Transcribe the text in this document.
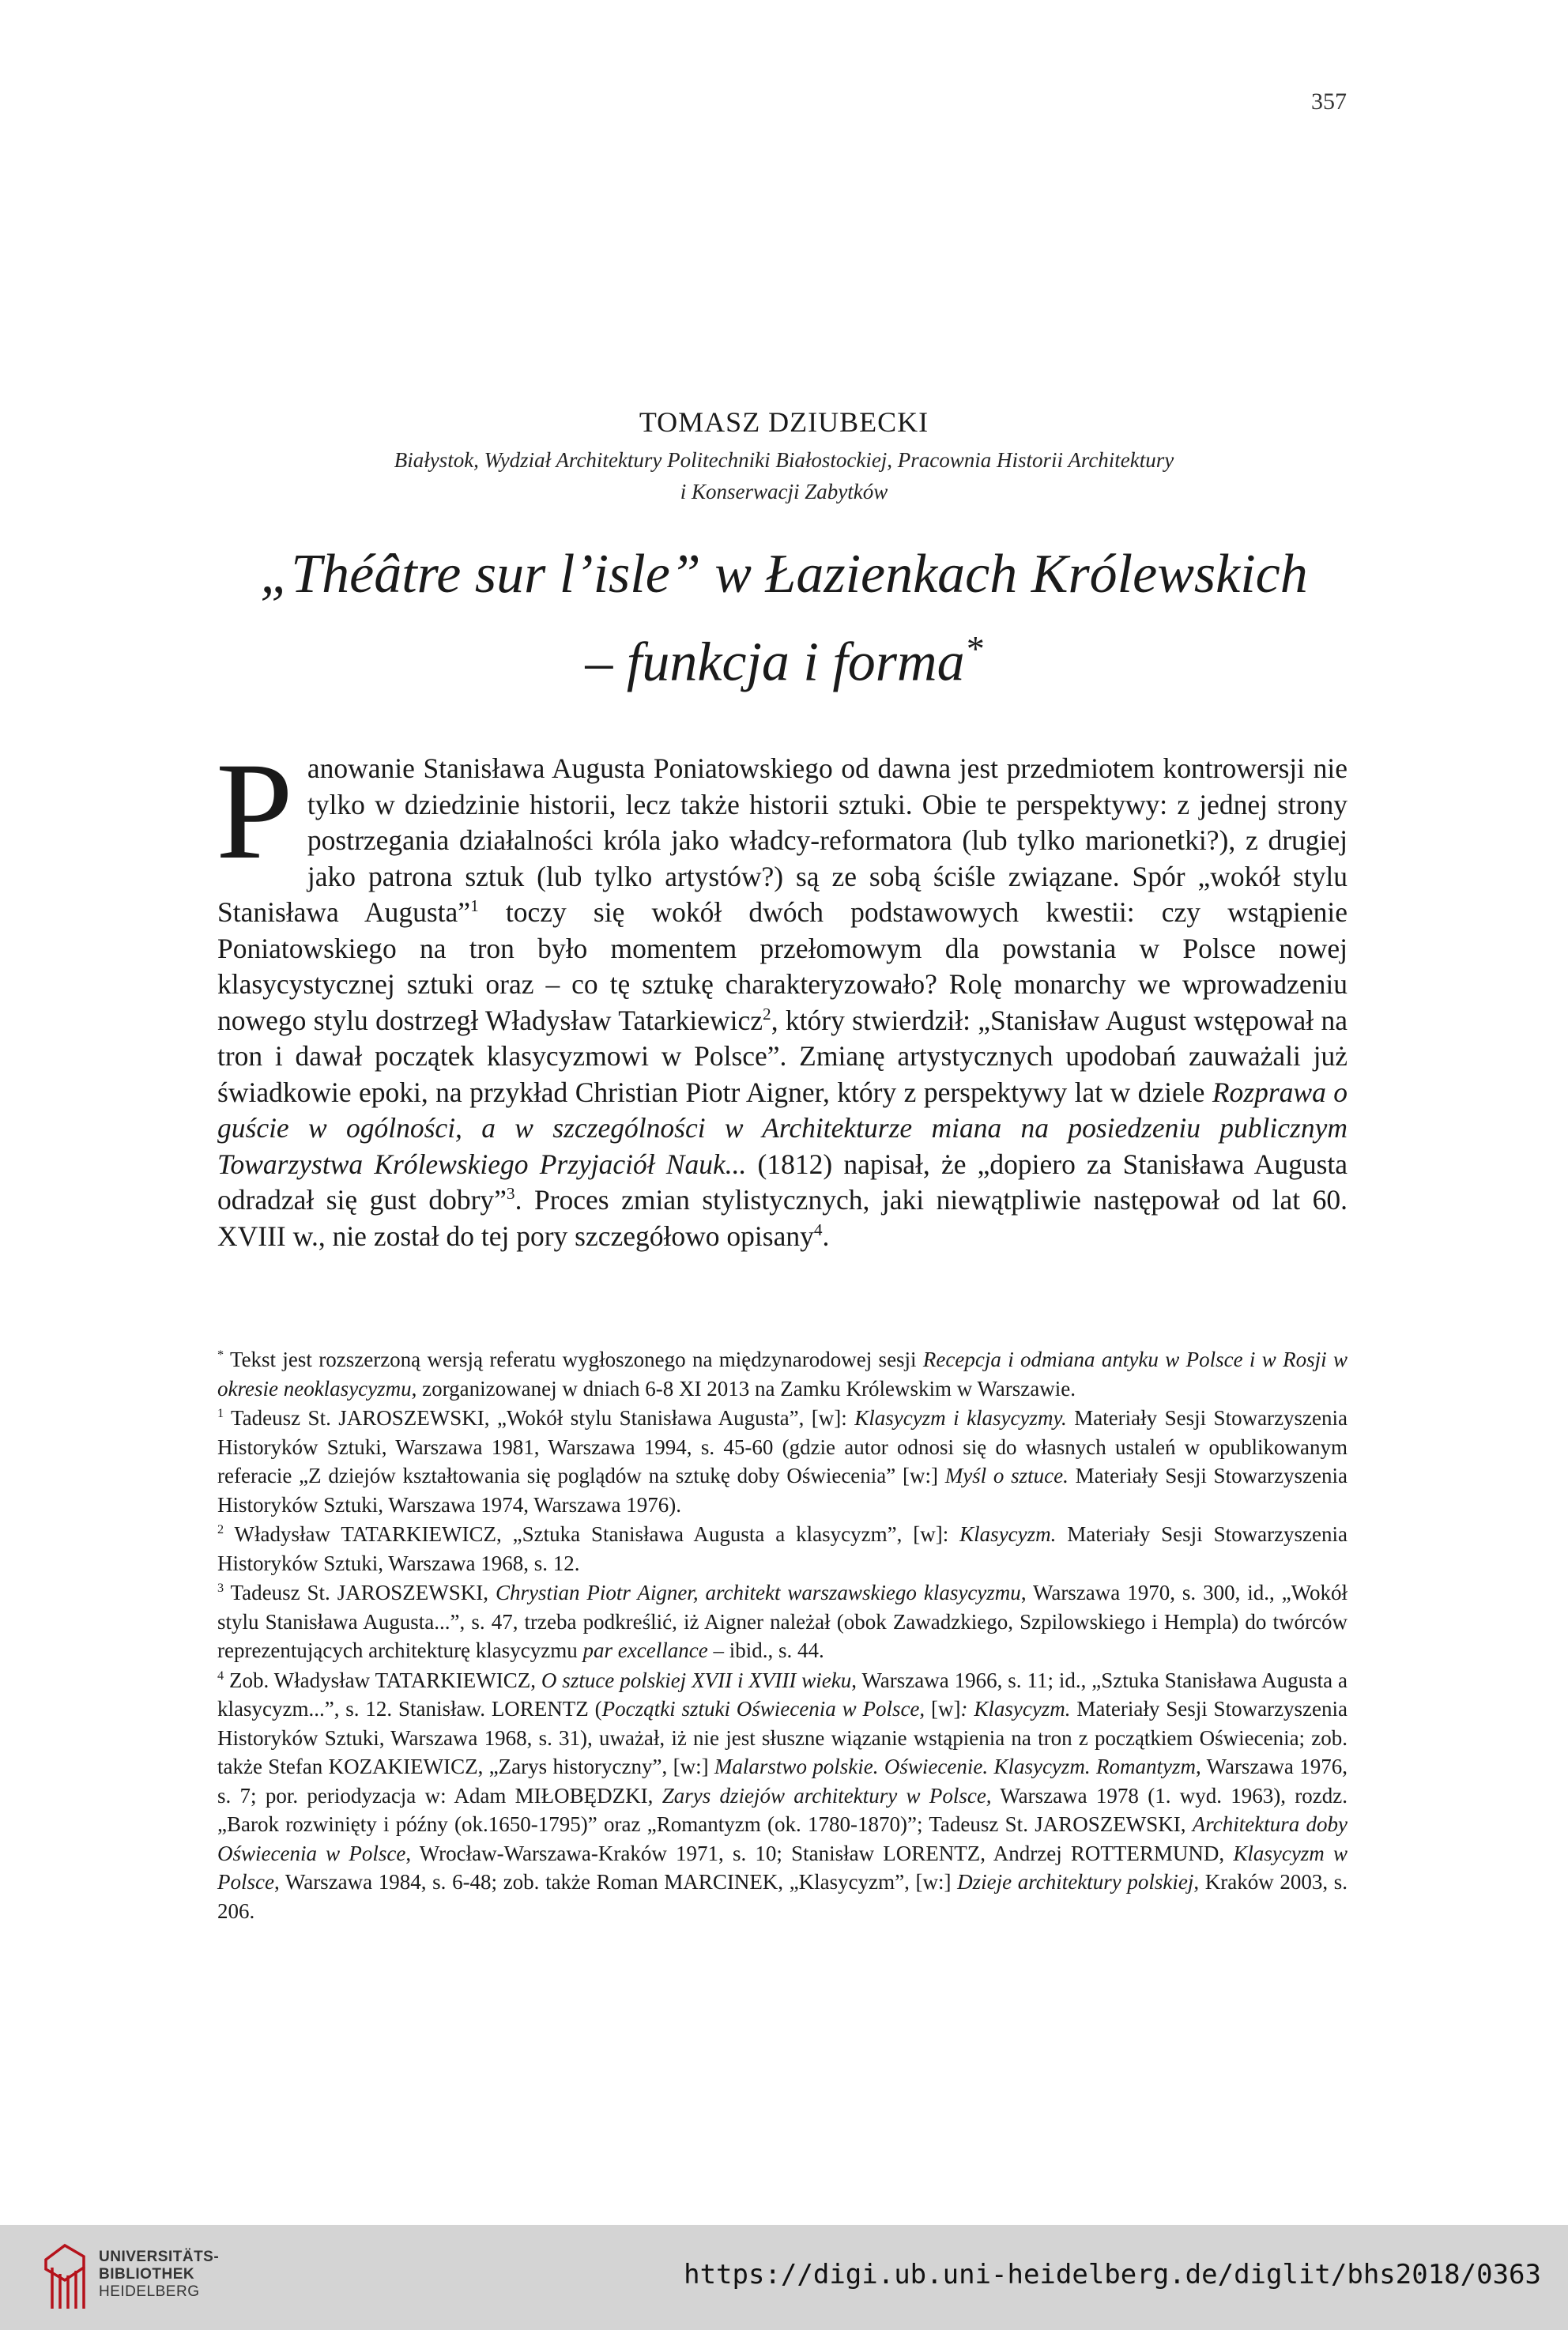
357
TOMASZ DZIUBECKI
Białystok, Wydział Architektury Politechniki Białostockiej, Pracownia Historii Architektury
i Konserwacji Zabytków
„Théâtre sur l’isle” w Łazienkach Królewskich
– funkcja i forma*

Panowanie Stanisława Augusta Poniatowskiego od dawna jest przedmiotem kontrowersji nie tylko w dziedzinie historii, lecz także historii sztuki. Obie te perspektywy: z jednej strony postrzegania działalności króla jako władcy-reformatora (lub tylko marionetki?), z drugiej jako patrona sztuk (lub tylko artystów?) są ze sobą ściśle związane. Spór „wokół stylu Stanisława Augusta”$^1$ toczy się wokół dwóch podstawowych kwestii: czy wstąpienie Poniatowskiego na tron było momentem przełomowym dla powstania w Polsce nowej klasycystycznej sztuki oraz – co tę sztukę charakteryzowało? Rolę monarchy we wprowadzeniu nowego stylu dostrzegł Władysław Tatarkiewicz$^2$, który stwierdził: „Stanisław August wstępował na tron i dawał początek klasycyzmowi w Polsce”. Zmianę artystycznych upodobań zauważali już świadkowie epoki, na przykład Christian Piotr Aigner, który z perspektywy lat w dziele Rozprawa o guście w ogólności, a w szczególności w Architekturze miana na posiedzeniu publicznym Towarzystwa Królewskiego Przyjaciół Nauk... (1812) napisał, że „dopiero za Stanisława Augusta odradzał się gust dobry”$^3$. Proces zmian stylistycznych, jaki niewątpliwie następował od lat 60. XVIII w., nie został do tej pory szczegółowo opisany$^4$.

* Tekst jest rozszerzoną wersją referatu wygłoszonego na międzynarodowej sesji Recepcja i odmiana antyku w Polsce i w Rosji w okresie neoklasycyzmu, zorganizowanej w dniach 6-8 XI 2013 na Zamku Królewskim w Warszawie.

$^1$ Tadeusz St. JAROSZEWSKI, „Wokół stylu Stanisława Augusta”, [w]: Klasycyzm i klasycyzmy. Materiały Sesji Stowarzyszenia Historyków Sztuki, Warszawa 1981, Warszawa 1994, s. 45-60 (gdzie autor odnosi się do własnych ustaleń w opublikowanym referacie „Z dziejów kształtowania się poglądów na sztukę doby Oświecenia” [w:] Myśl o sztuce. Materiały Sesji Stowarzyszenia Historyków Sztuki, Warszawa 1974, Warszawa 1976).

$^2$ Władysław TATARKIEWICZ, „Sztuka Stanisława Augusta a klasycyzm”, [w]: Klasycyzm. Materiały Sesji Stowarzyszenia Historyków Sztuki, Warszawa 1968, s. 12.

$^3$ Tadeusz St. JAROSZEWSKI, Chrystian Piotr Aigner, architekt warszawskiego klasycyzmu, Warszawa 1970, s. 300, id., „Wokół stylu Stanisława Augusta...”, s. 47, trzeba podkreślić, iż Aigner należał (obok Zawadzkiego, Szpilowskiego i Hempla) do twórców reprezentujących architekturę klasycyzmu par excellance – ibid., s. 44.

$^4$ Zob. Władysław TATARKIEWICZ, O sztuce polskiej XVII i XVIII wieku, Warszawa 1966, s. 11; id., „Sztuka Stanisława Augusta a klasycyzm...”, s. 12. Stanisław. LORENTZ (Początki sztuki Oświecenia w Polsce, [w]: Klasycyzm. Materiały Sesji Stowarzyszenia Historyków Sztuki, Warszawa 1968, s. 31), uważał, iż nie jest słuszne wiązanie wstąpienia na tron z początkiem Oświecenia; zob. także Stefan KOZAKIEWICZ, „Zarys historyczny”, [w:] Malarstwo polskie. Oświecenie. Klasycyzm. Romantyzm, Warszawa 1976, s. 7; por. periodyzacja w: Adam MIŁOBĘDZKI, Zarys dziejów architektury w Polsce, Warszawa 1978 (1. wyd. 1963), rozdz. „Barok rozwinięty i późny (ok.1650-1795)” oraz „Romantyzm (ok. 1780-1870)”; Tadeusz St. JAROSZEWSKI, Architektura doby Oświecenia w Polsce, Wrocław-Warszawa-Kraków 1971, s. 10; Stanisław LORENTZ, Andrzej ROTTERMUND, Klasycyzm w Polsce, Warszawa 1984, s. 6-48; zob. także Roman MARCINEK, „Klasycyzm”, [w:] Dzieje architektury polskiej, Kraków 2003, s. 206.

UNIVERSITÄTS-
BIBLIOTHEK
HEIDELBERG
https://digi.ub.uni-heidelberg.de/diglit/bhs2018/0363
